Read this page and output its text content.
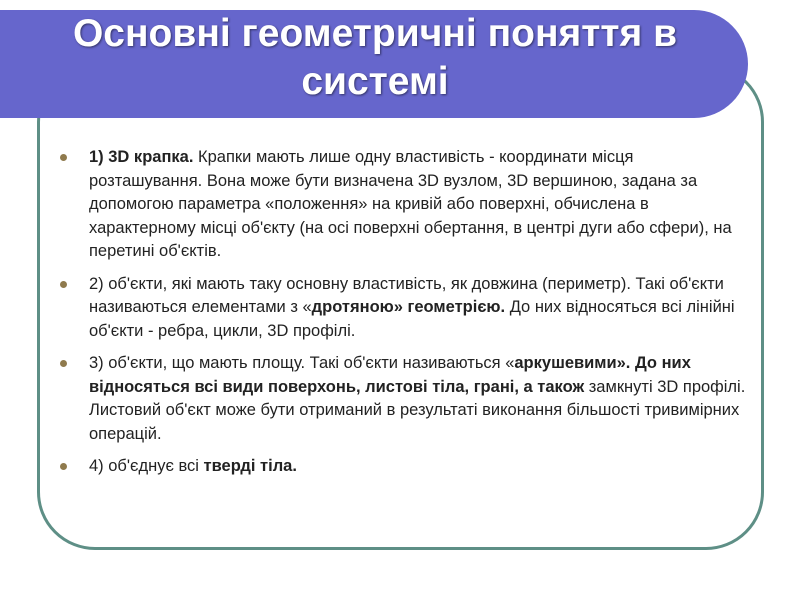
Основні геометричні поняття в системі
1) 3D крапка. Крапки мають лише одну властивість - координати місця розташування. Вона може бути визначена 3D вузлом, 3D вершиною, задана за допомогою параметра «положення» на кривій або поверхні, обчислена в характерному місці об'єкту (на осі поверхні обертання, в центрі дуги або сфери), на перетині об'єктів.
2) об'єкти, які мають таку основну властивість, як довжина (периметр). Такі об'єкти називаються елементами з «дротяною» геометрією. До них відносяться всі лінійні об'єкти - ребра, цикли, 3D профілі.
3) об'єкти, що мають площу. Такі об'єкти називаються «аркушевими». До них відносяться всі види поверхонь, листові тіла, грані, а також замкнуті 3D профілі. Листовий об'єкт може бути отриманий в результаті виконання більшості тривимірних операцій.
4) об'єднує всі тверді тіла.
